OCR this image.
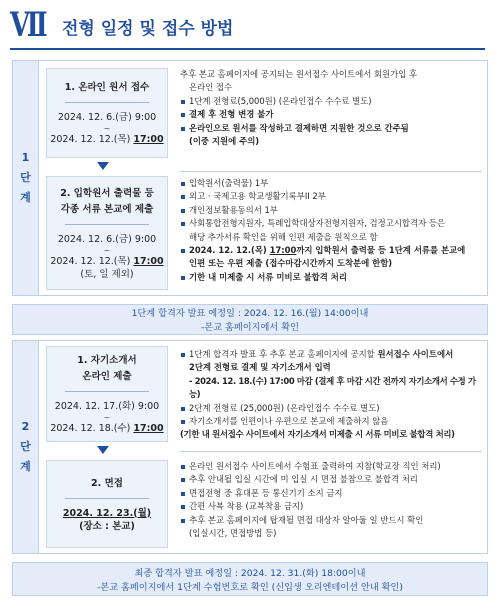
VII 전형 일정 및 접수 방법
1
단
계
1. 온라인 원서 접수
2024. 12. 6.(금) 9:00
~
2024. 12. 12.(목) 17:00
2. 입학원서 출력물 등
각종 서류 본교에 제출
2024. 12. 6.(금) 9:00
~
2024. 12. 12.(목) 17:00
(토, 일 제외)
추후 본교 홈페이지에 공지되는 원서접수 사이트에서 회원가입 후
온라인 접수
1단계 전형료(5,000원) (온라인접수 수수료 별도)
결제 후 전형 변경 불가
온라인으로 원서를 작성하고 결제하면 지원한 것으로 간주됨
(이중 지원에 주의)
입학원서(출력물) 1부
외고 · 국제고용 학교생활기록부II 2부
개인정보활용동의서 1부
사회통합전형지원자, 특례입학대상자전형지원자, 검정고시합격자 등은
해당 추가서류 확인을 위해 인편 제출을 원칙으로 함
2024. 12. 12.(목) 17:00까지 입학원서 출력물 등 1단계 서류를 본교에
인편 또는 우편 제출 (접수마감시간까지 도착분에 한함)
기한 내 미제출 시 서류 미비로 불합격 처리
1단계 합격자 발표 예정일 : 2024. 12. 16.(월) 14:00이내
-본교 홈페이지에서 확인
2
단
계
1. 자기소개서
온라인 제출
2024. 12. 17.(화) 9:00
~
2024. 12. 18.(수) 17:00
2. 면접
2024. 12. 23.(월)
(장소 : 본교)
1단계 합격자 발표 후 추후 본교 홈페이지에 공지할 원서접수 사이트에서
2단계 전형료 결제 및 자기소개서 입력
- 2024. 12. 18.(수) 17:00 마감 (결제 후 마감 시간 전까지 자기소개서 수정 가능)
2단계 전형료 (25,000원) (온라인접수 수수료 별도)
자기소개서를 인편이나 우편으로 본교에 제출하지 않음
(기한 내 원서접수 사이트에서 자기소개서 미제출 시 서류 미비로 불합격 처리)
온라인 원서접수 사이트에서 수험표 출력하여 지참(학교장 직인 처리)
추후 안내될 입실 시간에 미 입실 시 면접 불참으로 불합격 처리
면접전형 중 휴대폰 등 통신기기 소지 금지
간편 사복 착용 (교복착용 금지)
추후 본교 홈페이지에 탑재될 면접 대상자 알아둘 일 반드시 확인
(입실시간, 면접방법 등)
최종 합격자 발표 예정일 : 2024. 12. 31.(화) 18:00이내
-본교 홈페이지에서 1단계 수험번호로 확인 (신입생 오리엔테이션 안내 확인)
